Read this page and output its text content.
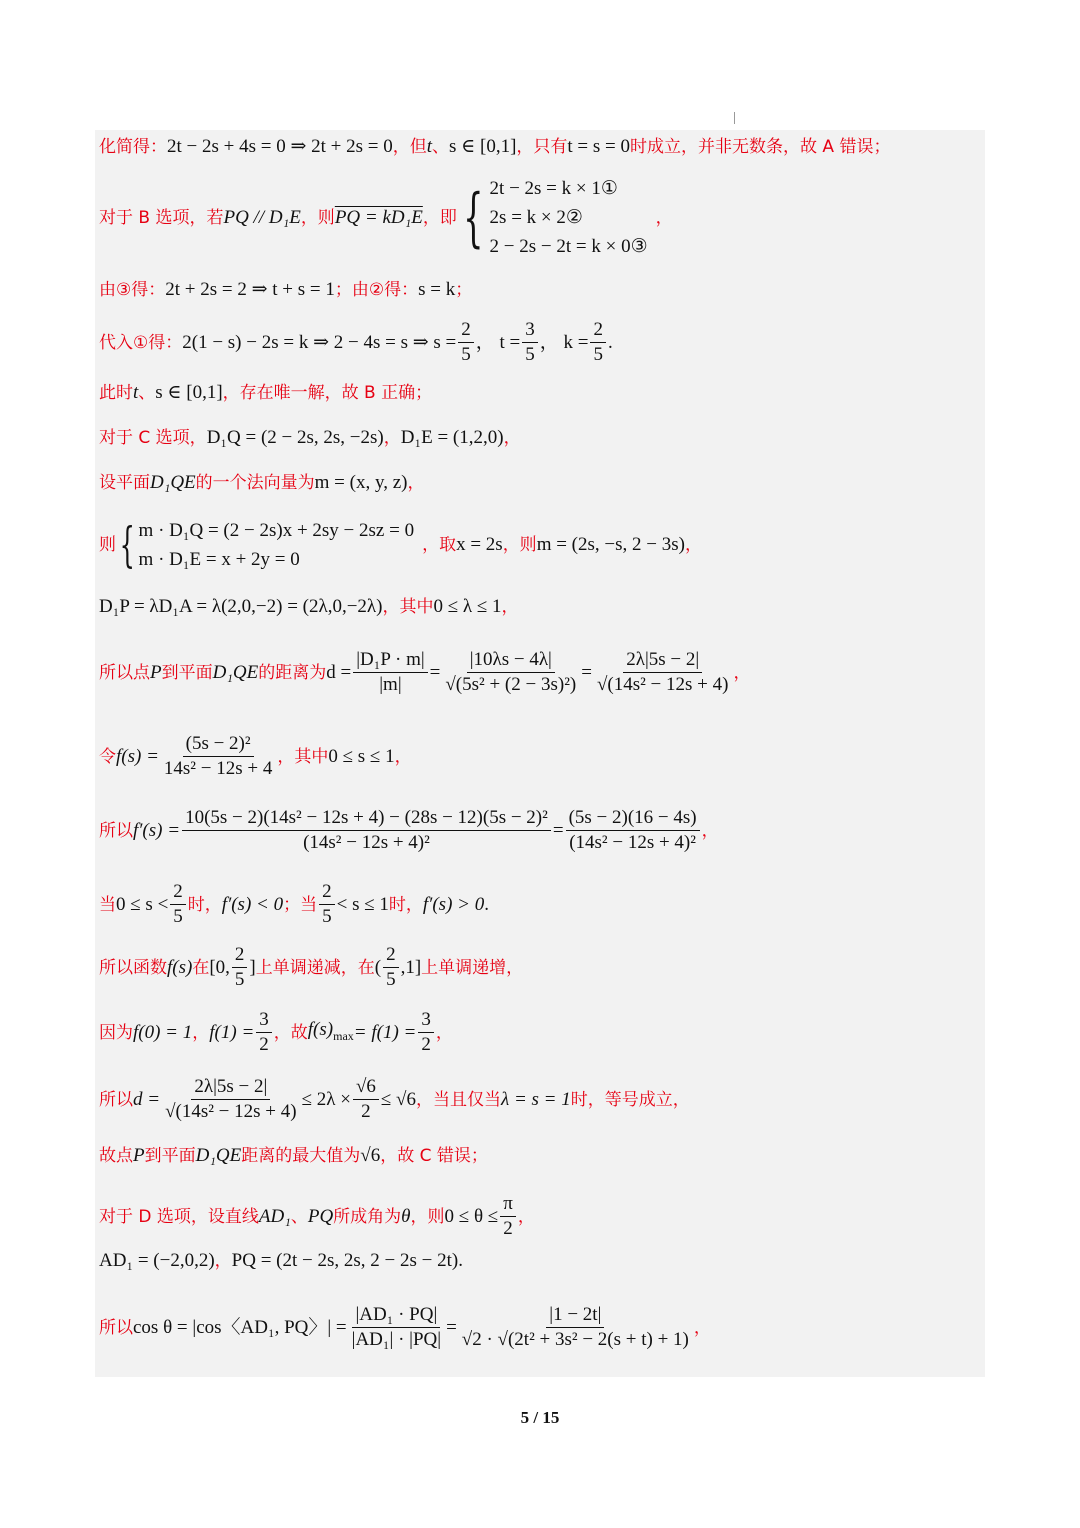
化简得： 2t − 2s + 4s = 0 ⇒ 2t + 2s = 0 ，但 t 、 s ∈ [0,1] ，只有 t = s = 0 时成立，并非无数条，故 A 错误；
对于 B 选项，若 PQ // D₁E ，则 PQ = kD₁E ，即 { 2t − 2s = k × 1①
2s = k × 2②
2 − 2s − 2t = k × 0③
，
由③得： 2t + 2s = 2 ⇒ t + s = 1 ；由②得： s = k ；
代入①得： 2(1 − s) − 2s = k ⇒ 2 − 4s = s ⇒ $s = \frac{2}{5}$ ， $t = \frac{3}{5}$ ， $k = \frac{2}{5}$ .
此时 t 、 s ∈ [0,1] ，存在唯一解，故 B 正确；
对于 C 选项， D₁Q = (2 − 2s, 2s, −2s) ， D₁E = (1,2,0) ，
设平面 D₁QE 的一个法向量为 m = (x, y, z) ，
则 { m · D₁Q = (2 − 2s)x + 2sy − 2sz = 0
m · D₁E = x + 2y = 0
，取 x = 2s ，则 m = (2s, −s, 2 − 3s) ，
D₁P = λD₁A = λ(2,0,−2) = (2λ,0,−2λ) ，其中 0 ≤ λ ≤ 1 ，
所以点 P 到平面 D₁QE 的距离为 $d = \frac{\text{|D₁P · m|}}{|m|} = \frac{|10\lambda s - 4\lambda|}{\text{√(5s² + (2 − 3s)²)}} = \frac{2\lambda|5s - 2|}{\text{√(14s² − 12s + 4)}}$ ，
令 $f(s) = \frac{\text{(5s − 2)²}}{\text{14s² − 12s + 4}}$ ，其中 0 ≤ s ≤ 1 ，
所以 $f'(s) = \frac{\text{10(5s − 2)(14s² − 12s + 4) − (28s − 12)(5s − 2)²}}{\text{(14s² − 12s + 4)²}} = \frac{(5s - 2)(16 - 4s)}{\text{(14s² − 12s + 4)²}}$ ，
当 $0 \le s < \frac{2}{5}$ 时， f′(s) < 0 ；当 $\frac{2}{5} < s \le 1$ 时， f′(s) > 0 .
所以函数 f(s) 在 [0, $\frac{2}{5}$ ] 上单调递减，在 ( $\frac{2}{5} ,1$] 上单调递增，
因为 f(0) = 1 ， $f(1) = \frac{3}{2}$ ，故 $f(s)_{max} = f(1) = \frac{3}{2}$ ，
所以 $d = \frac{2\lambda|5s - 2|}{\text{√(14s² − 12s + 4)}} \le 2\lambda \times \frac{√6}{2} \le √6$ ，当且仅当 λ = s = 1 时，等号成立，
故点 P 到平面 D₁QE 距离的最大值为 √6 ，故 C 错误；
对于 D 选项，设直线 AD₁ 、 PQ 所成角为 θ ，则 $0 \le \theta \le \frac{\pi}{2}$ ，
AD₁ = (−2,0,2) ， PQ = (2t − 2s, 2s, 2 − 2s − 2t) .
所以 cos θ = |cos〈AD₁, PQ〉| = $\frac{\text{|AD₁ · PQ|}}{\text{|AD₁| · |PQ|}} = \frac{|1 - 2t|}{\text{√2 · √(2t² + 3s² − 2(s + t) + 1)}}$ ，
5 / 15
